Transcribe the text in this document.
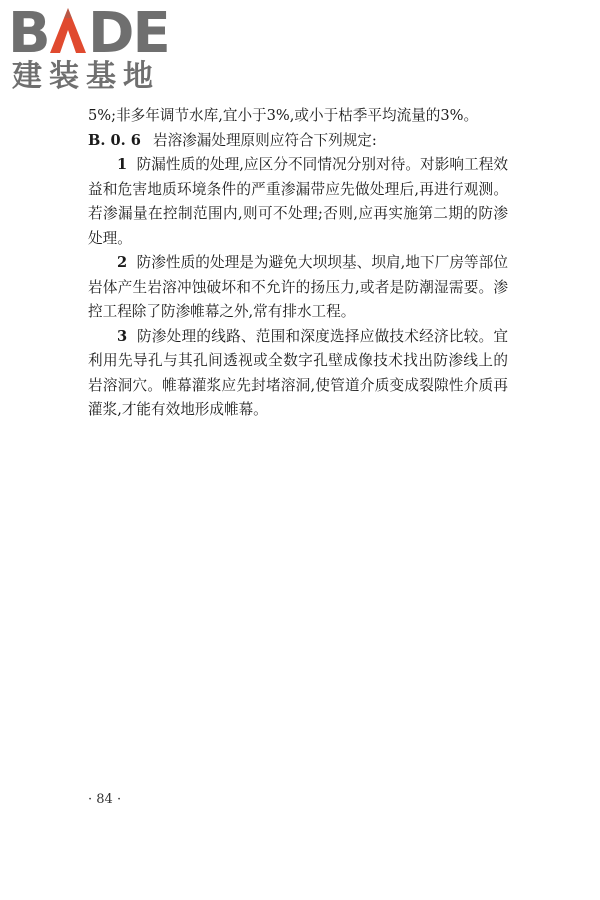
B DE
建装基地

5%;非多年调节水库,宜小于3%,或小于枯季平均流量的3%。

B. 0. 6 岩溶渗漏处理原则应符合下列规定:

1 防漏性质的处理,应区分不同情况分别对待。对影响工程效益和危害地质环境条件的严重渗漏带应先做处理后,再进行观测。若渗漏量在控制范围内,则可不处理;否则,应再实施第二期的防渗处理。

2 防渗性质的处理是为避免大坝坝基、坝肩,地下厂房等部位岩体产生岩溶冲蚀破坏和不允许的扬压力,或者是防潮湿需要。渗控工程除了防渗帷幕之外,常有排水工程。

3 防渗处理的线路、范围和深度选择应做技术经济比较。宜利用先导孔与其孔间透视或全数字孔壁成像技术找出防渗线上的岩溶洞穴。帷幕灌浆应先封堵溶洞,使管道介质变成裂隙性介质再灌浆,才能有效地形成帷幕。

· 84 ·
